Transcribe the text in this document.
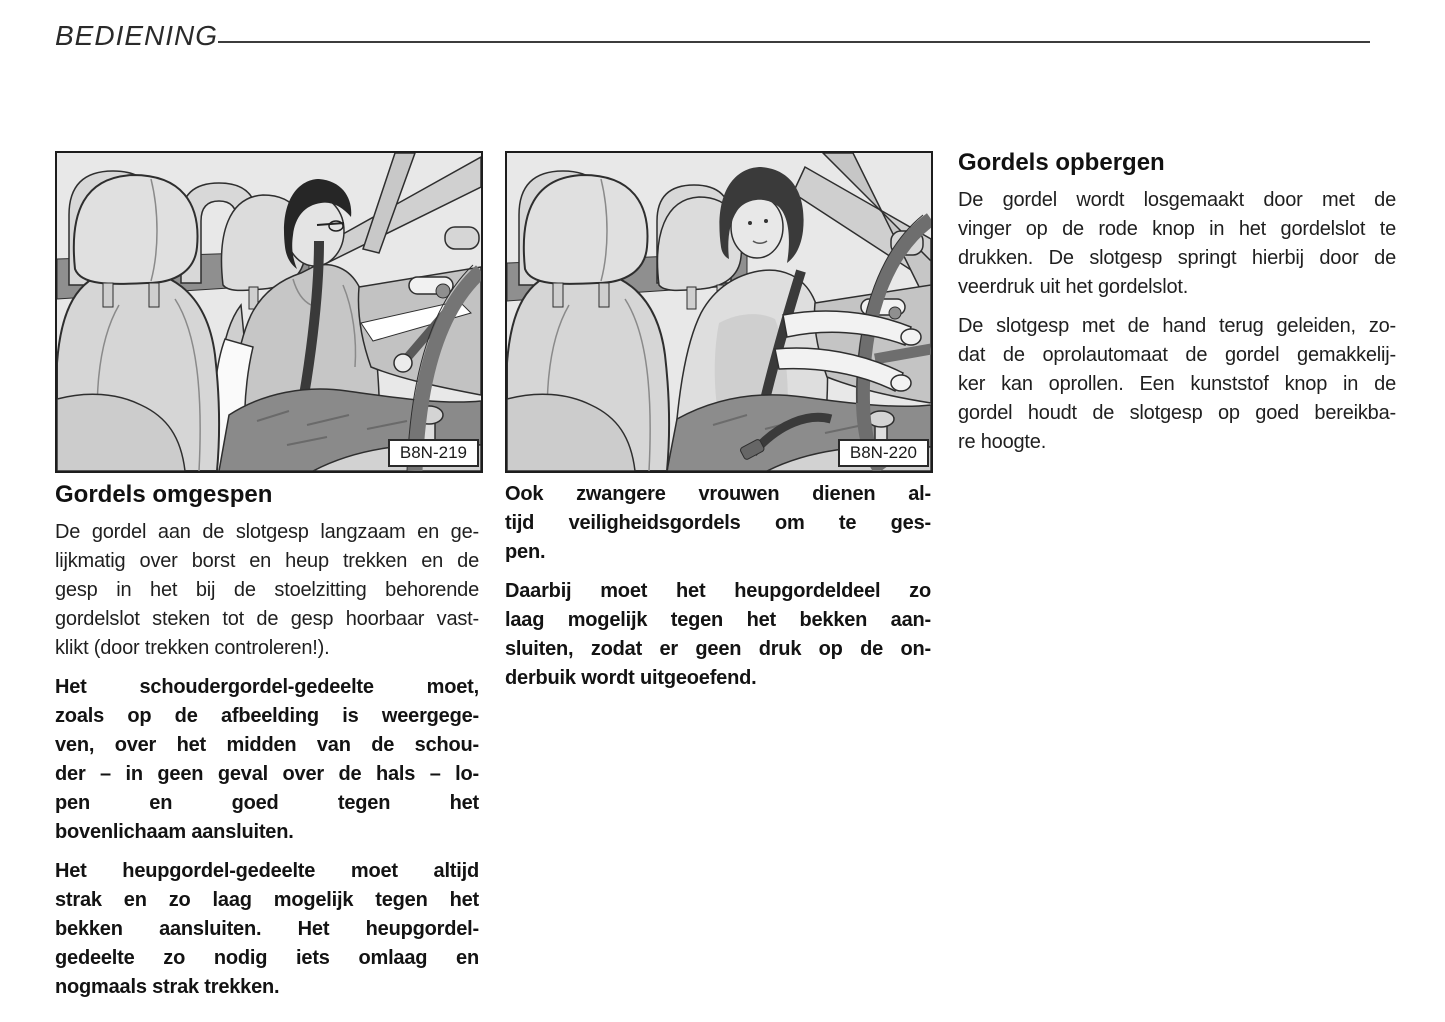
BEDIENING
B8N-219	B8N-220
Gordels omgespen
De gordel aan de slotgesp langzaam en ge-
lijkmatig over borst en heup trekken en de
gesp in het bij de stoelzitting behorende
gordelslot steken tot de gesp hoorbaar vast-
klikt (door trekken controleren!).
Het schoudergordel-gedeelte moet,
zoals op de afbeelding is weergege-
ven, over het midden van de schou-
der – in geen geval over de hals – lo-
pen en goed tegen het
bovenlichaam aansluiten.
Het heupgordel-gedeelte moet altijd
strak en zo laag mogelijk tegen het
bekken aansluiten. Het heupgordel-
gedeelte zo nodig iets omlaag en
nogmaals strak trekken.
Ook zwangere vrouwen dienen al-
tijd veiligheidsgordels om te ges-
pen.
Daarbij moet het heupgordeldeel zo
laag mogelijk tegen het bekken aan-
sluiten, zodat er geen druk op de on-
derbuik wordt uitgeoefend.
Gordels opbergen
De gordel wordt losgemaakt door met de
vinger op de rode knop in het gordelslot te
drukken. De slotgesp springt hierbij door de
veerdruk uit het gordelslot.
De slotgesp met de hand terug geleiden, zo-
dat de oprolautomaat de gordel gemakkelij-
ker kan oprollen. Een kunststof knop in de
gordel houdt de slotgesp op goed bereikba-
re hoogte.
